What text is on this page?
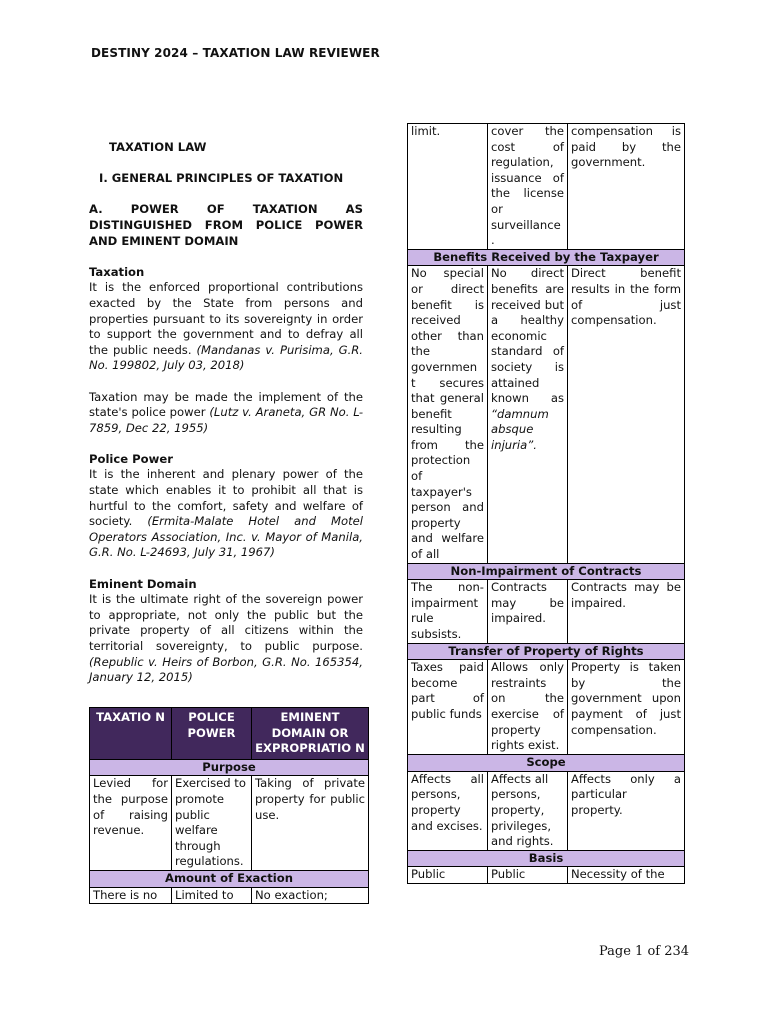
DESTINY 2024 – TAXATION LAW REVIEWER

TAXATION LAW

I. GENERAL PRINCIPLES OF TAXATION

A. POWER OF TAXATION AS DISTINGUISHED FROM POLICE POWER AND EMINENT DOMAIN

Taxation

It is the enforced proportional contributions exacted by the State from persons and properties pursuant to its sovereignty in order to support the government and to defray all the public needs. (Mandanas v. Purisima, G.R. No. 199802, July 03, 2018)

Taxation may be made the implement of the state's police power (Lutz v. Araneta, GR No. L-7859, Dec 22, 1955)

Police Power

It is the inherent and plenary power of the state which enables it to prohibit all that is hurtful to the comfort, safety and welfare of society. (Ermita-Malate Hotel and Motel Operators Association, Inc. v. Mayor of Manila, G.R. No. L-24693, July 31, 1967)

Eminent Domain

It is the ultimate right of the sovereign power to appropriate, not only the public but the private property of all citizens within the territorial sovereignty, to public purpose. (Republic v. Heirs of Borbon, G.R. No. 165354, January 12, 2015)

TAXATIO N	POLICE POWER	EMINENT DOMAIN OR EXPROPRIATIO N
Purpose		
Levied for the purpose of raising revenue.	Exercised to promote public welfare through regulations.	Taking of private property for public use.
Amount of Exaction		
There is no	Limited to	No exaction;
limit.	cover the cost of regulation, issuance of the license or surveillance .	compensation is paid by the government.
Benefits Received by the Taxpayer		
No special or direct benefit is received other than the governmen t secures that general benefit resulting from the protection of taxpayer's person and property and welfare of all	No direct benefits are received but a healthy economic standard of society is attained known as “damnum absque injuria”.	Direct benefit results in the form of just compensation.
Non-Impairment of Contracts		
The non-impairment rule subsists.	Contracts may be impaired.	Contracts may be impaired.
Transfer of Property of Rights		
Taxes paid become part of public funds	Allows only restraints on the exercise of property rights exist.	Property is taken by the government upon payment of just compensation.
Scope		
Affects all persons, property and excises.	Affects all persons, property, privileges, and rights.	Affects only a particular property.
Basis		
Public	Public	Necessity of the
Page 1 of 234
